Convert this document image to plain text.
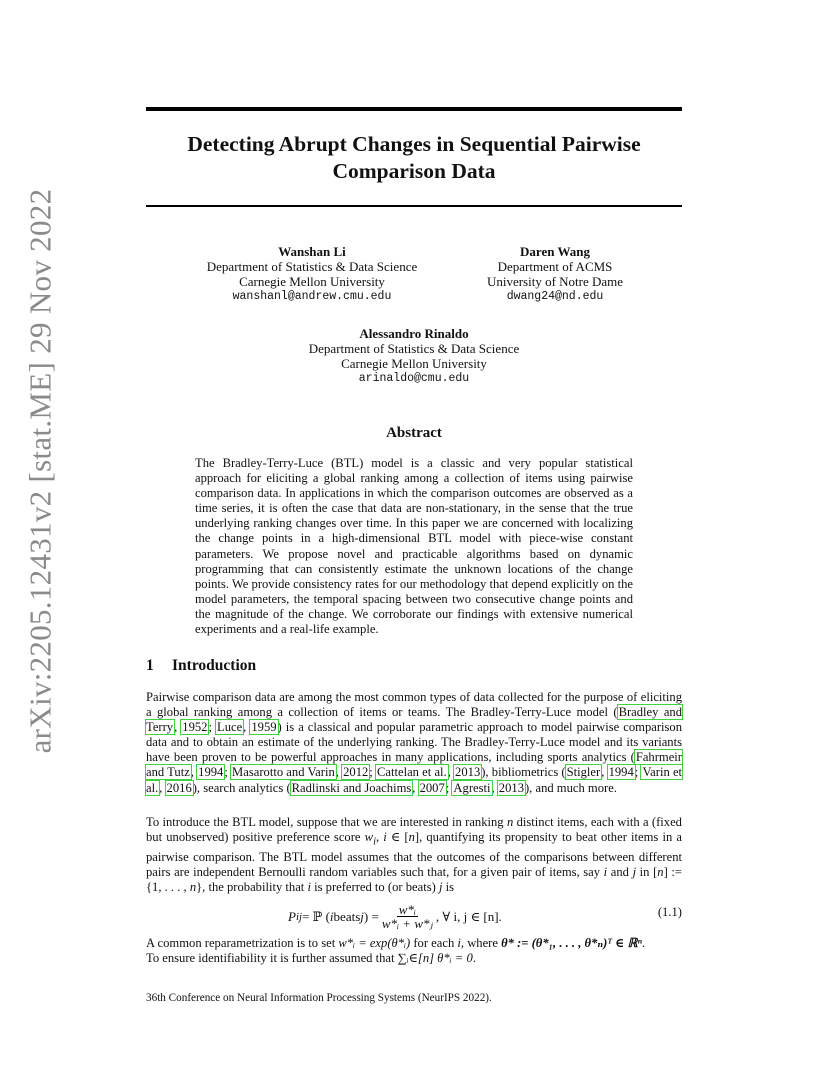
arXiv:2205.12431v2 [stat.ME] 29 Nov 2022
Detecting Abrupt Changes in Sequential Pairwise
Comparison Data
Wanshan Li
Department of Statistics & Data Science
Carnegie Mellon University
wanshanl@andrew.cmu.edu
Daren Wang
Department of ACMS
University of Notre Dame
dwang24@nd.edu
Alessandro Rinaldo
Department of Statistics & Data Science
Carnegie Mellon University
arinaldo@cmu.edu
Abstract
The Bradley-Terry-Luce (BTL) model is a classic and very popular statistical approach for eliciting a global ranking among a collection of items using pairwise comparison data. In applications in which the comparison outcomes are observed as a time series, it is often the case that data are non-stationary, in the sense that the true underlying ranking changes over time. In this paper we are concerned with localizing the change points in a high-dimensional BTL model with piece-wise constant parameters. We propose novel and practicable algorithms based on dynamic programming that can consistently estimate the unknown locations of the change points. We provide consistency rates for our methodology that depend explicitly on the model parameters, the temporal spacing between two consecutive change points and the magnitude of the change. We corroborate our findings with extensive numerical experiments and a real-life example.
1 Introduction
Pairwise comparison data are among the most common types of data collected for the purpose of eliciting a global ranking among a collection of items or teams. The Bradley-Terry-Luce model (Bradley and Terry, 1952; Luce, 1959) is a classical and popular parametric approach to model pairwise comparison data and to obtain an estimate of the underlying ranking. The Bradley-Terry-Luce model and its variants have been proven to be powerful approaches in many applications, including sports analytics (Fahrmeir and Tutz, 1994; Masarotto and Varin, 2012; Cattelan et al., 2013), bibliometrics (Stigler, 1994; Varin et al., 2016), search analytics (Radlinski and Joachims, 2007; Agresti, 2013), and much more.
To introduce the BTL model, suppose that we are interested in ranking n distinct items, each with a (fixed but unobserved) positive preference score $w_i$, i ∈ [n], quantifying its propensity to beat other items in a pairwise comparison. The BTL model assumes that the outcomes of the comparisons between different pairs are independent Bernoulli random variables such that, for a given pair of items, say i and j in [n] := {1, . . . , n}, the probability that i is preferred to (or beats) j is
P ij = ℙ ( i beats j ) = $\frac{\text{w*ᵢ}}{\text{w*ᵢ + w*ⱼ}}$ , ∀ i, j ∈ [n].	(1.1)
A common reparametrization is to set w*ᵢ = exp(θ*ᵢ) for each i, where θ* := (θ*₁, . . . , θ*ₙ)ᵀ ∈ ℝⁿ.
To ensure identifiability it is further assumed that ∑ᵢ∈[n] θ*ᵢ = 0.
36th Conference on Neural Information Processing Systems (NeurIPS 2022).
